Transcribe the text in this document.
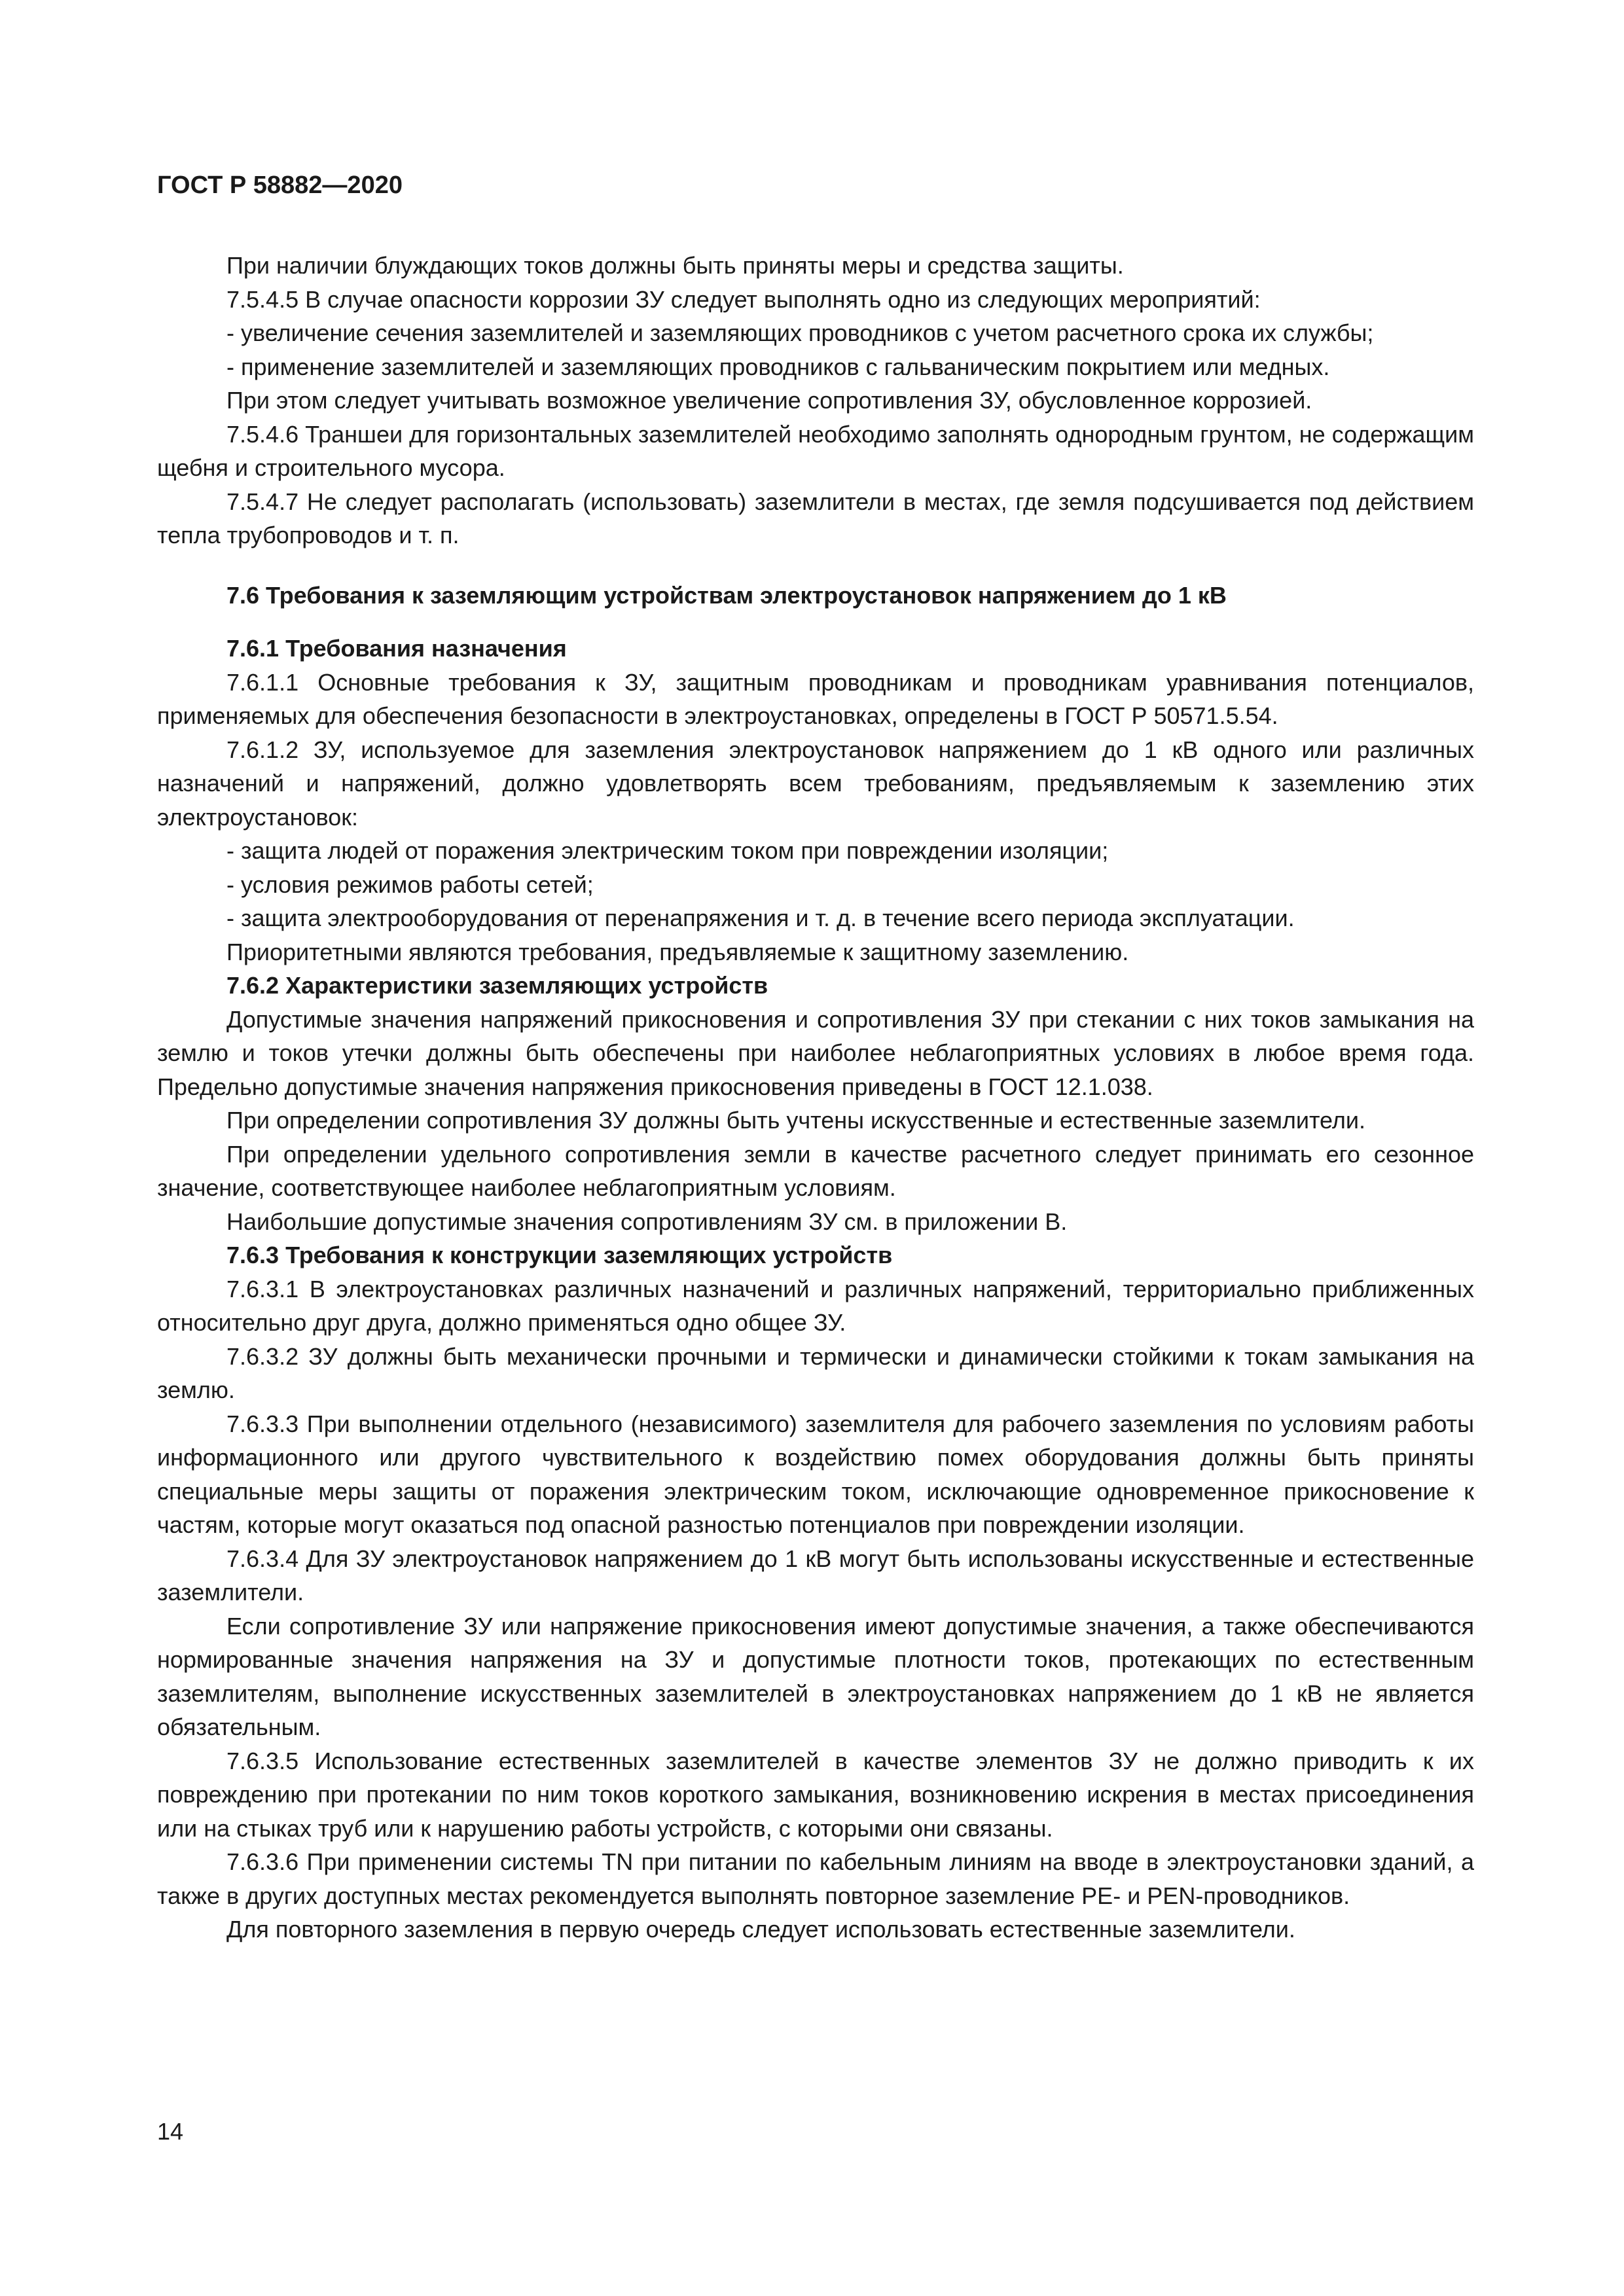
ГОСТ Р 58882—2020

При наличии блуждающих токов должны быть приняты меры и средства защиты.

7.5.4.5 В случае опасности коррозии ЗУ следует выполнять одно из следующих мероприятий:

- увеличение сечения заземлителей и заземляющих проводников с учетом расчетного срока их службы;

- применение заземлителей и заземляющих проводников с гальваническим покрытием или медных.

При этом следует учитывать возможное увеличение сопротивления ЗУ, обусловленное коррозией.

7.5.4.6 Траншеи для горизонтальных заземлителей необходимо заполнять однородным грунтом, не содержащим щебня и строительного мусора.

7.5.4.7 Не следует располагать (использовать) заземлители в местах, где земля подсушивается под действием тепла трубопроводов и т. п.

7.6 Требования к заземляющим устройствам электроустановок напряжением до 1 кВ
7.6.1 Требования назначения

7.6.1.1 Основные требования к ЗУ, защитным проводникам и проводникам уравнивания потенциалов, применяемых для обеспечения безопасности в электроустановках, определены в ГОСТ Р 50571.5.54.

7.6.1.2 ЗУ, используемое для заземления электроустановок напряжением до 1 кВ одного или различных назначений и напряжений, должно удовлетворять всем требованиям, предъявляемым к заземлению этих электроустановок:

- защита людей от поражения электрическим током при повреждении изоляции;

- условия режимов работы сетей;

- защита электрооборудования от перенапряжения и т. д. в течение всего периода эксплуатации.

Приоритетными являются требования, предъявляемые к защитному заземлению.

7.6.2 Характеристики заземляющих устройств

Допустимые значения напряжений прикосновения и сопротивления ЗУ при стекании с них токов замыкания на землю и токов утечки должны быть обеспечены при наиболее неблагоприятных условиях в любое время года. Предельно допустимые значения напряжения прикосновения приведены в ГОСТ 12.1.038.

При определении сопротивления ЗУ должны быть учтены искусственные и естественные заземлители.

При определении удельного сопротивления земли в качестве расчетного следует принимать его сезонное значение, соответствующее наиболее неблагоприятным условиям.

Наибольшие допустимые значения сопротивлениям ЗУ см. в приложении В.

7.6.3 Требования к конструкции заземляющих устройств

7.6.3.1 В электроустановках различных назначений и различных напряжений, территориально приближенных относительно друг друга, должно применяться одно общее ЗУ.

7.6.3.2 ЗУ должны быть механически прочными и термически и динамически стойкими к токам замыкания на землю.

7.6.3.3 При выполнении отдельного (независимого) заземлителя для рабочего заземления по условиям работы информационного или другого чувствительного к воздействию помех оборудования должны быть приняты специальные меры защиты от поражения электрическим током, исключающие одновременное прикосновение к частям, которые могут оказаться под опасной разностью потенциалов при повреждении изоляции.

7.6.3.4 Для ЗУ электроустановок напряжением до 1 кВ могут быть использованы искусственные и естественные заземлители.

Если сопротивление ЗУ или напряжение прикосновения имеют допустимые значения, а также обеспечиваются нормированные значения напряжения на ЗУ и допустимые плотности токов, протекающих по естественным заземлителям, выполнение искусственных заземлителей в электроустановках напряжением до 1 кВ не является обязательным.

7.6.3.5 Использование естественных заземлителей в качестве элементов ЗУ не должно приводить к их повреждению при протекании по ним токов короткого замыкания, возникновению искрения в местах присоединения или на стыках труб или к нарушению работы устройств, с которыми они связаны.

7.6.3.6 При применении системы TN при питании по кабельным линиям на вводе в электроустановки зданий, а также в других доступных местах рекомендуется выполнять повторное заземление PE- и PEN-проводников.

Для повторного заземления в первую очередь следует использовать естественные заземлители.

14
